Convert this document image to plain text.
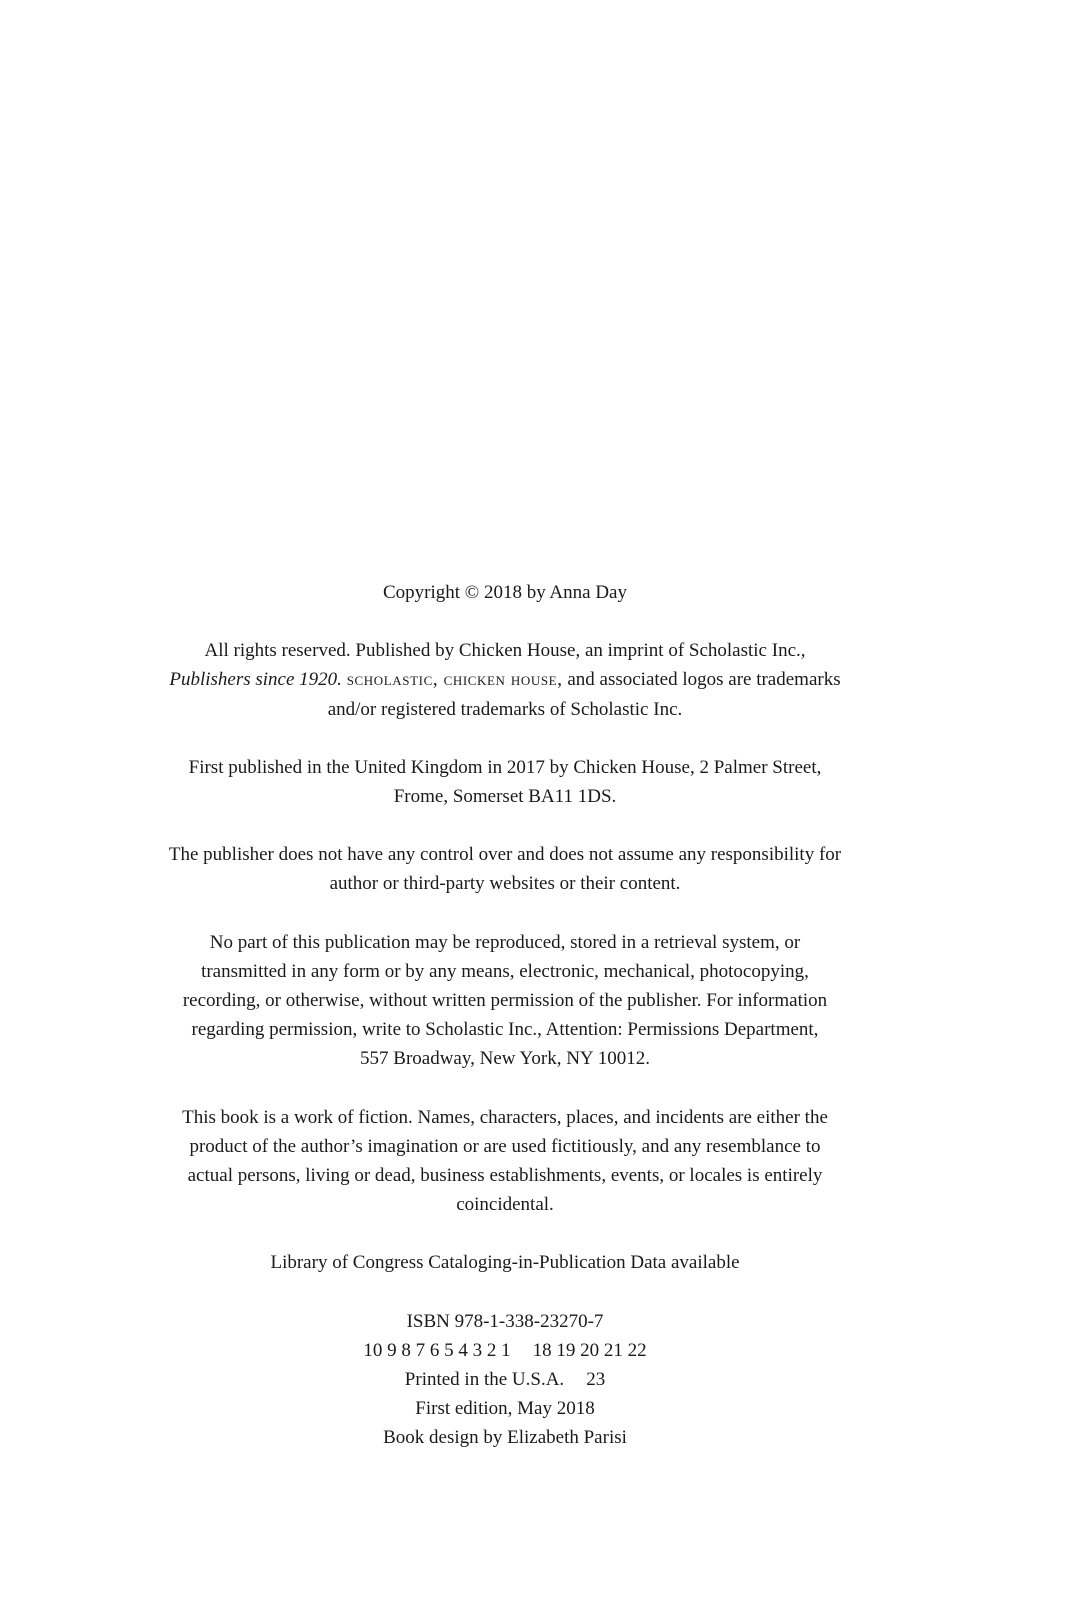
Copyright © 2018 by Anna Day

All rights reserved. Published by Chicken House, an imprint of Scholastic Inc.,
Publishers since 1920. scholastic, chicken house, and associated logos are trademarks
and/or registered trademarks of Scholastic Inc.

First published in the United Kingdom in 2017 by Chicken House, 2 Palmer Street,
Frome, Somerset BA11 1DS.

The publisher does not have any control over and does not assume any responsibility for
author or third-party websites or their content.

No part of this publication may be reproduced, stored in a retrieval system, or
transmitted in any form or by any means, electronic, mechanical, photocopying,
recording, or otherwise, without written permission of the publisher. For information
regarding permission, write to Scholastic Inc., Attention: Permissions Department,
557 Broadway, New York, NY 10012.

This book is a work of fiction. Names, characters, places, and incidents are either the
product of the author’s imagination or are used fictitiously, and any resemblance to
actual persons, living or dead, business establishments, events, or locales is entirely
coincidental.

Library of Congress Cataloging-in-Publication Data available

ISBN 978-1-338-23270-7
10 9 8 7 6 5 4 3 2 1 18 19 20 21 22
Printed in the U.S.A. 23
First edition, May 2018
Book design by Elizabeth Parisi
